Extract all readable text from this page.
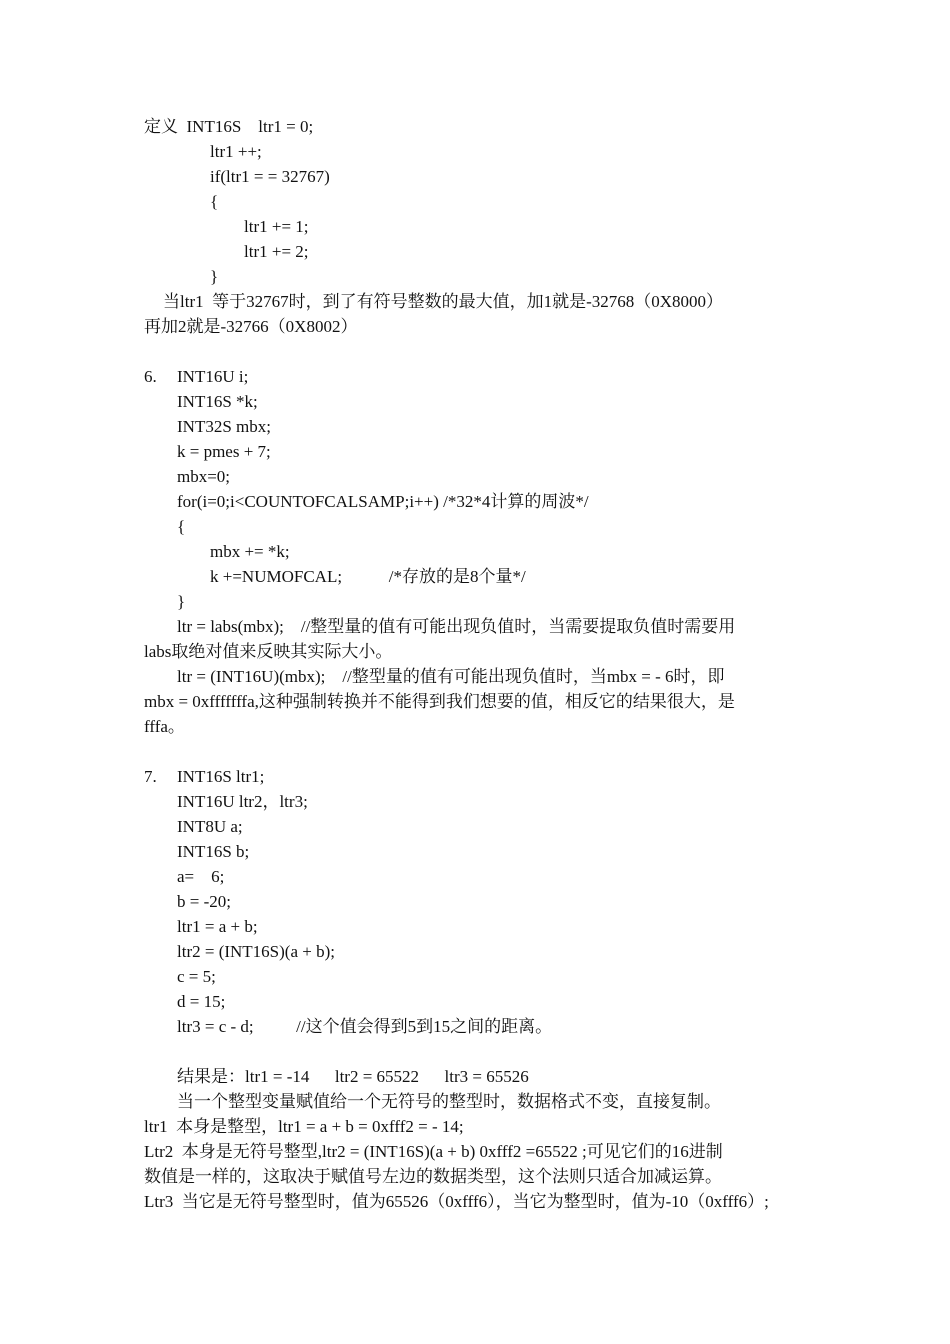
定义  INT16S    ltr1 = 0;
ltr1 ++;
if(ltr1 = = 32767)
{
ltr1 += 1;
ltr1 += 2;
}
当ltr1  等于32767时，到了有符号整数的最大值，加1就是-32768（0X8000）
再加2就是-32766（0X8002）
6. INT16U i;
INT16S *k;
INT32S mbx;
k = pmes + 7;
mbx=0;
for(i=0;i<COUNTOFCALSAMP;i++) /*32*4计算的周波*/
{
mbx += *k;
k +=NUMOFCAL;           /*存放的是8个量*/
}
ltr = labs(mbx);    //整型量的值有可能出现负值时，当需要提取负值时需要用
labs取绝对值来反映其实际大小。
ltr = (INT16U)(mbx);    //整型量的值有可能出现负值时，当mbx = - 6时，即
mbx = 0xfffffffa,这种强制转换并不能得到我们想要的值，相反它的结果很大，是
fffa。
7. INT16S ltr1;
INT16U ltr2，ltr3;
INT8U a;
INT16S b;
a=    6;
b = -20;
ltr1 = a + b;
ltr2 = (INT16S)(a + b);
c = 5;
d = 15;
ltr3 = c - d;          //这个值会得到5到15之间的距离。
结果是：ltr1 = -14      ltr2 = 65522      ltr3 = 65526
当一个整型变量赋值给一个无符号的整型时，数据格式不变，直接复制。
ltr1  本身是整型，ltr1 = a + b = 0xfff2 = - 14;
Ltr2  本身是无符号整型,ltr2 = (INT16S)(a + b) 0xfff2 =65522 ;可见它们的16进制
数值是一样的，这取决于赋值号左边的数据类型，这个法则只适合加减运算。
Ltr3  当它是无符号整型时，值为65526（0xfff6），当它为整型时，值为-10（0xfff6）;
